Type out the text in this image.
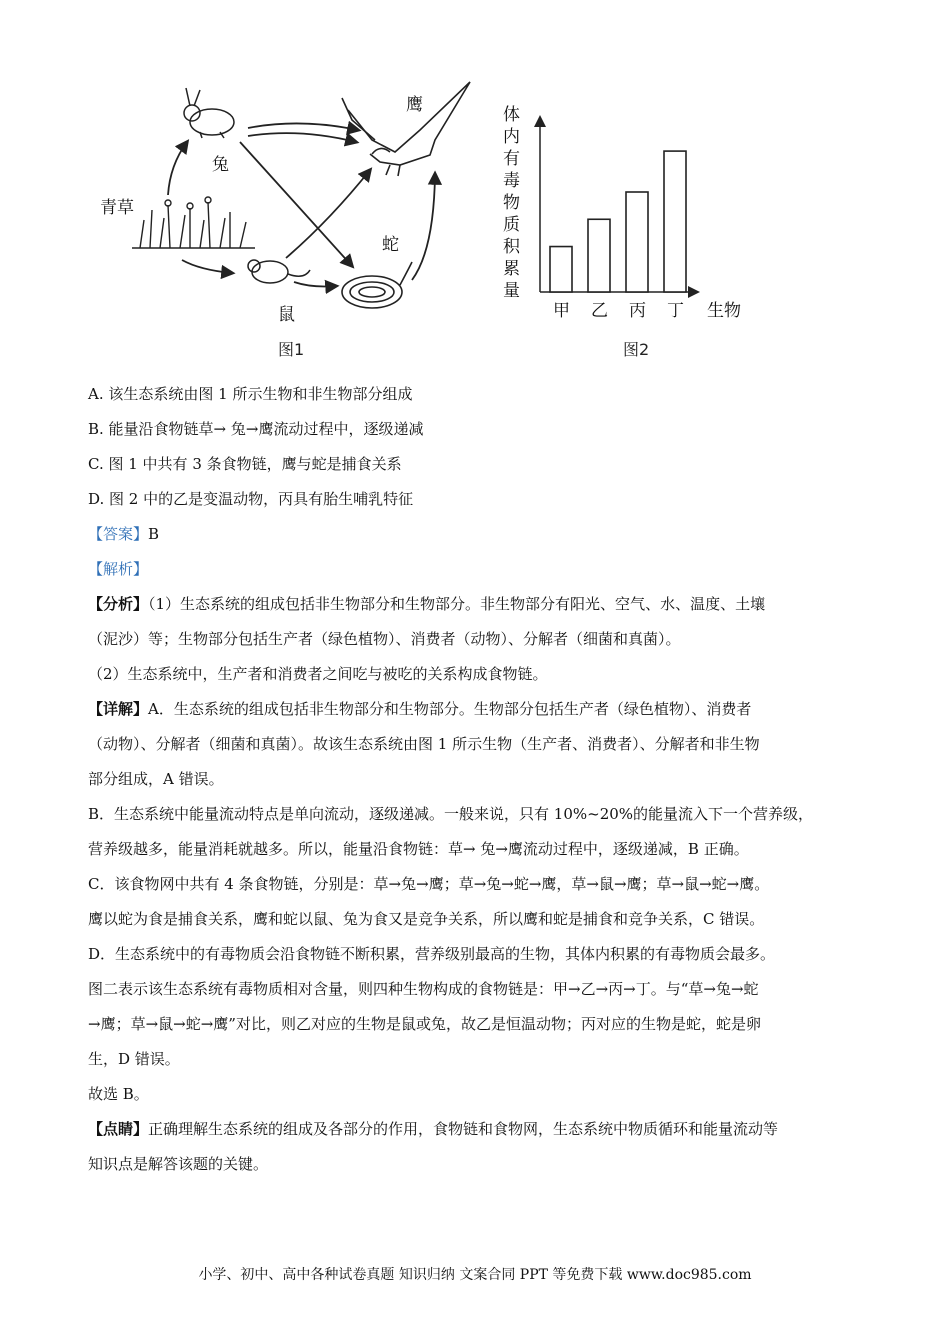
兔
青草
鼠
蛇
鹰
图1
体
内
有
毒
物
质
积
累
量
甲 乙 丙 丁 生物
图2
A. 该生态系统由图 1 所示生物和非生物部分组成
B. 能量沿食物链草→ 兔→鹰流动过程中，逐级递减
C. 图 1 中共有 3 条食物链，鹰与蛇是捕食关系
D. 图 2 中的乙是变温动物，丙具有胎生哺乳特征
【答案】B
【解析】
【分析】（1）生态系统的组成包括非生物部分和生物部分。非生物部分有阳光、空气、水、温度、土壤
（泥沙）等；生物部分包括生产者（绿色植物）、消费者（动物）、分解者（细菌和真菌）。
（2）生态系统中，生产者和消费者之间吃与被吃的关系构成食物链。
【详解】A．生态系统的组成包括非生物部分和生物部分。生物部分包括生产者（绿色植物）、消费者
（动物）、分解者（细菌和真菌）。故该生态系统由图 1 所示生物（生产者、消费者）、分解者和非生物
部分组成，A 错误。
B．生态系统中能量流动特点是单向流动，逐级递减。一般来说，只有 10%~20%的能量流入下一个营养级，
营养级越多，能量消耗就越多。所以，能量沿食物链：草→ 兔→鹰流动过程中，逐级递减，B 正确。
C．该食物网中共有 4 条食物链，分别是：草→兔→鹰；草→兔→蛇→鹰，草→鼠→鹰；草→鼠→蛇→鹰。
鹰以蛇为食是捕食关系，鹰和蛇以鼠、兔为食又是竞争关系，所以鹰和蛇是捕食和竞争关系，C 错误。
D．生态系统中的有毒物质会沿食物链不断积累，营养级别最高的生物，其体内积累的有毒物质会最多。
图二表示该生态系统有毒物质相对含量，则四种生物构成的食物链是：甲→乙→丙→丁。与“草→兔→蛇
→鹰；草→鼠→蛇→鹰”对比，则乙对应的生物是鼠或兔，故乙是恒温动物；丙对应的生物是蛇，蛇是卵
生，D 错误。
故选 B。
【点睛】正确理解生态系统的组成及各部分的作用，食物链和食物网，生态系统中物质循环和能量流动等
知识点是解答该题的关键。
小学、初中、高中各种试卷真题 知识归纳 文案合同 PPT 等免费下载 www.doc985.com
